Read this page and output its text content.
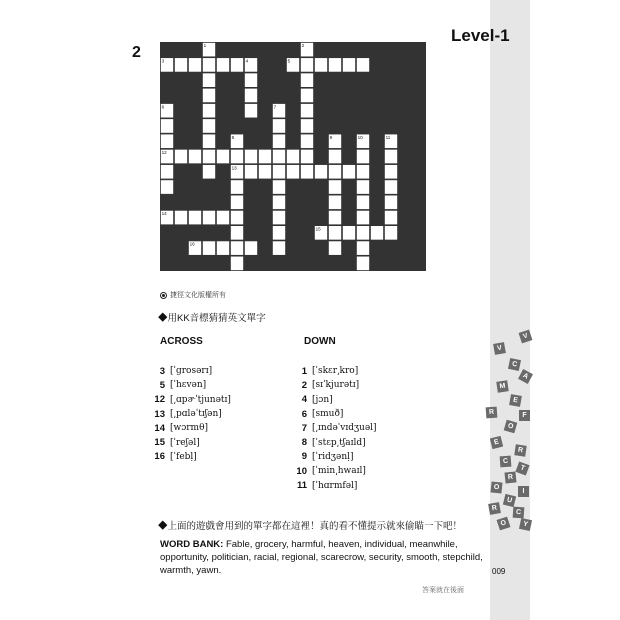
V
V
C
A
M
E
R	F
O
E
R
C
T
R
O
I
U
R
C
O	Y
Level-1
2	1	2
3	4	5
6	7
8	9	10	11
12
13
14
15
16
捷徑文化版權所有
◆用KK音標猜猜英文單字
ACROSS	DOWN
3 [ˈgrosərɪ]
5 [ˈhɛvən]
12 [͵ɑpɚˈtjunətɪ]
13 [͵pɑləˈtɪʃən]
14 [wɔrmθ]
15 [ˈreʃəl]
16 [ˈfebḷ]
1 [ˈskɛr͵kro]
2 [sɪˈkjurətɪ]
4 [jɔn]
6 [smuð]
7 [͵ɪndəˈvɪdʒuəl]
8 [ˈstɛp͵tʃaɪld]
9 [ˈridʒənḷ]
10 [ˈmin͵hwaɪl]
11 [ˈhɑrmfəl]
◆上面的遊戲會用到的單字都在這裡！真的看不懂提示就來偷瞄一下吧！
WORD BANK: Fable, grocery, harmful, heaven, individual, meanwhile, opportunity, politician, racial, regional, scarecrow, security, smooth, stepchild, warmth, yawn.	009
答案就在後面
